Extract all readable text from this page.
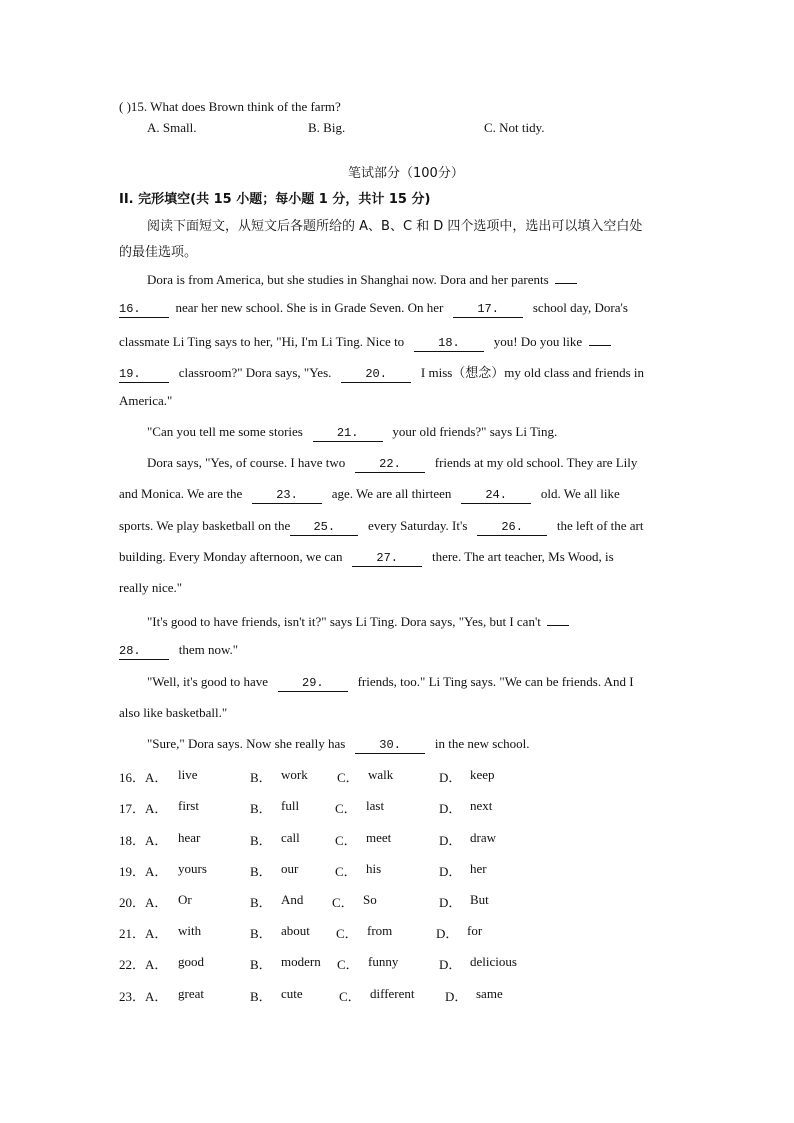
( )15. What does Brown think of the farm?
A. Small.	B. Big.	C. Not tidy.
笔试部分（100分）
II. 完形填空(共 15 小题；每小题 1 分，共计 15 分)
阅读下面短文，从短文后各题所给的 A、B、C 和 D 四个选项中，选出可以填入空白处
的最佳选项。
Dora is from America, but she studies in Shanghai now. Dora and her parents
16.	near her new school. She is in Grade Seven. On her	17.	school day, Dora's
classmate Li Ting says to her, "Hi, I'm Li Ting. Nice to	18.	you! Do you like
19.	classroom?" Dora says, "Yes.	20.	I miss（想念）my old class and friends in
America."
"Can you tell me some stories	21.	your old friends?" says Li Ting.
Dora says, "Yes, of course. I have two	22.	friends at my old school. They are Lily
and Monica. We are the	23.	age. We are all thirteen	24.	old. We all like
sports. We play basketball on the 25.	every Saturday. It's	26.	the left of the art
building. Every Monday afternoon, we can	27.	there. The art teacher, Ms Wood, is
really nice."
"It's good to have friends, isn't it?" says Li Ting. Dora says, "Yes, but I can't
28.	them now."
"Well, it's good to have	29.	friends, too." Li Ting says. "We can be friends. And I
also like basketball."
"Sure," Dora says. Now she really has	30.	in the new school.
16．A． live	B． work C． walk	D． keep
17．A． first	B． full	C． last	D． next
18．A． hear	B． call	C． meet	D． draw
19．A． yours	B． our	C． his	D． her
20．A． Or	B． And C． So	D． But
21．A． with	B． about C． from	D． for
22．A． good	B． modern C． funny	D． delicious
23．A． great	B． cute	C． different D． same
